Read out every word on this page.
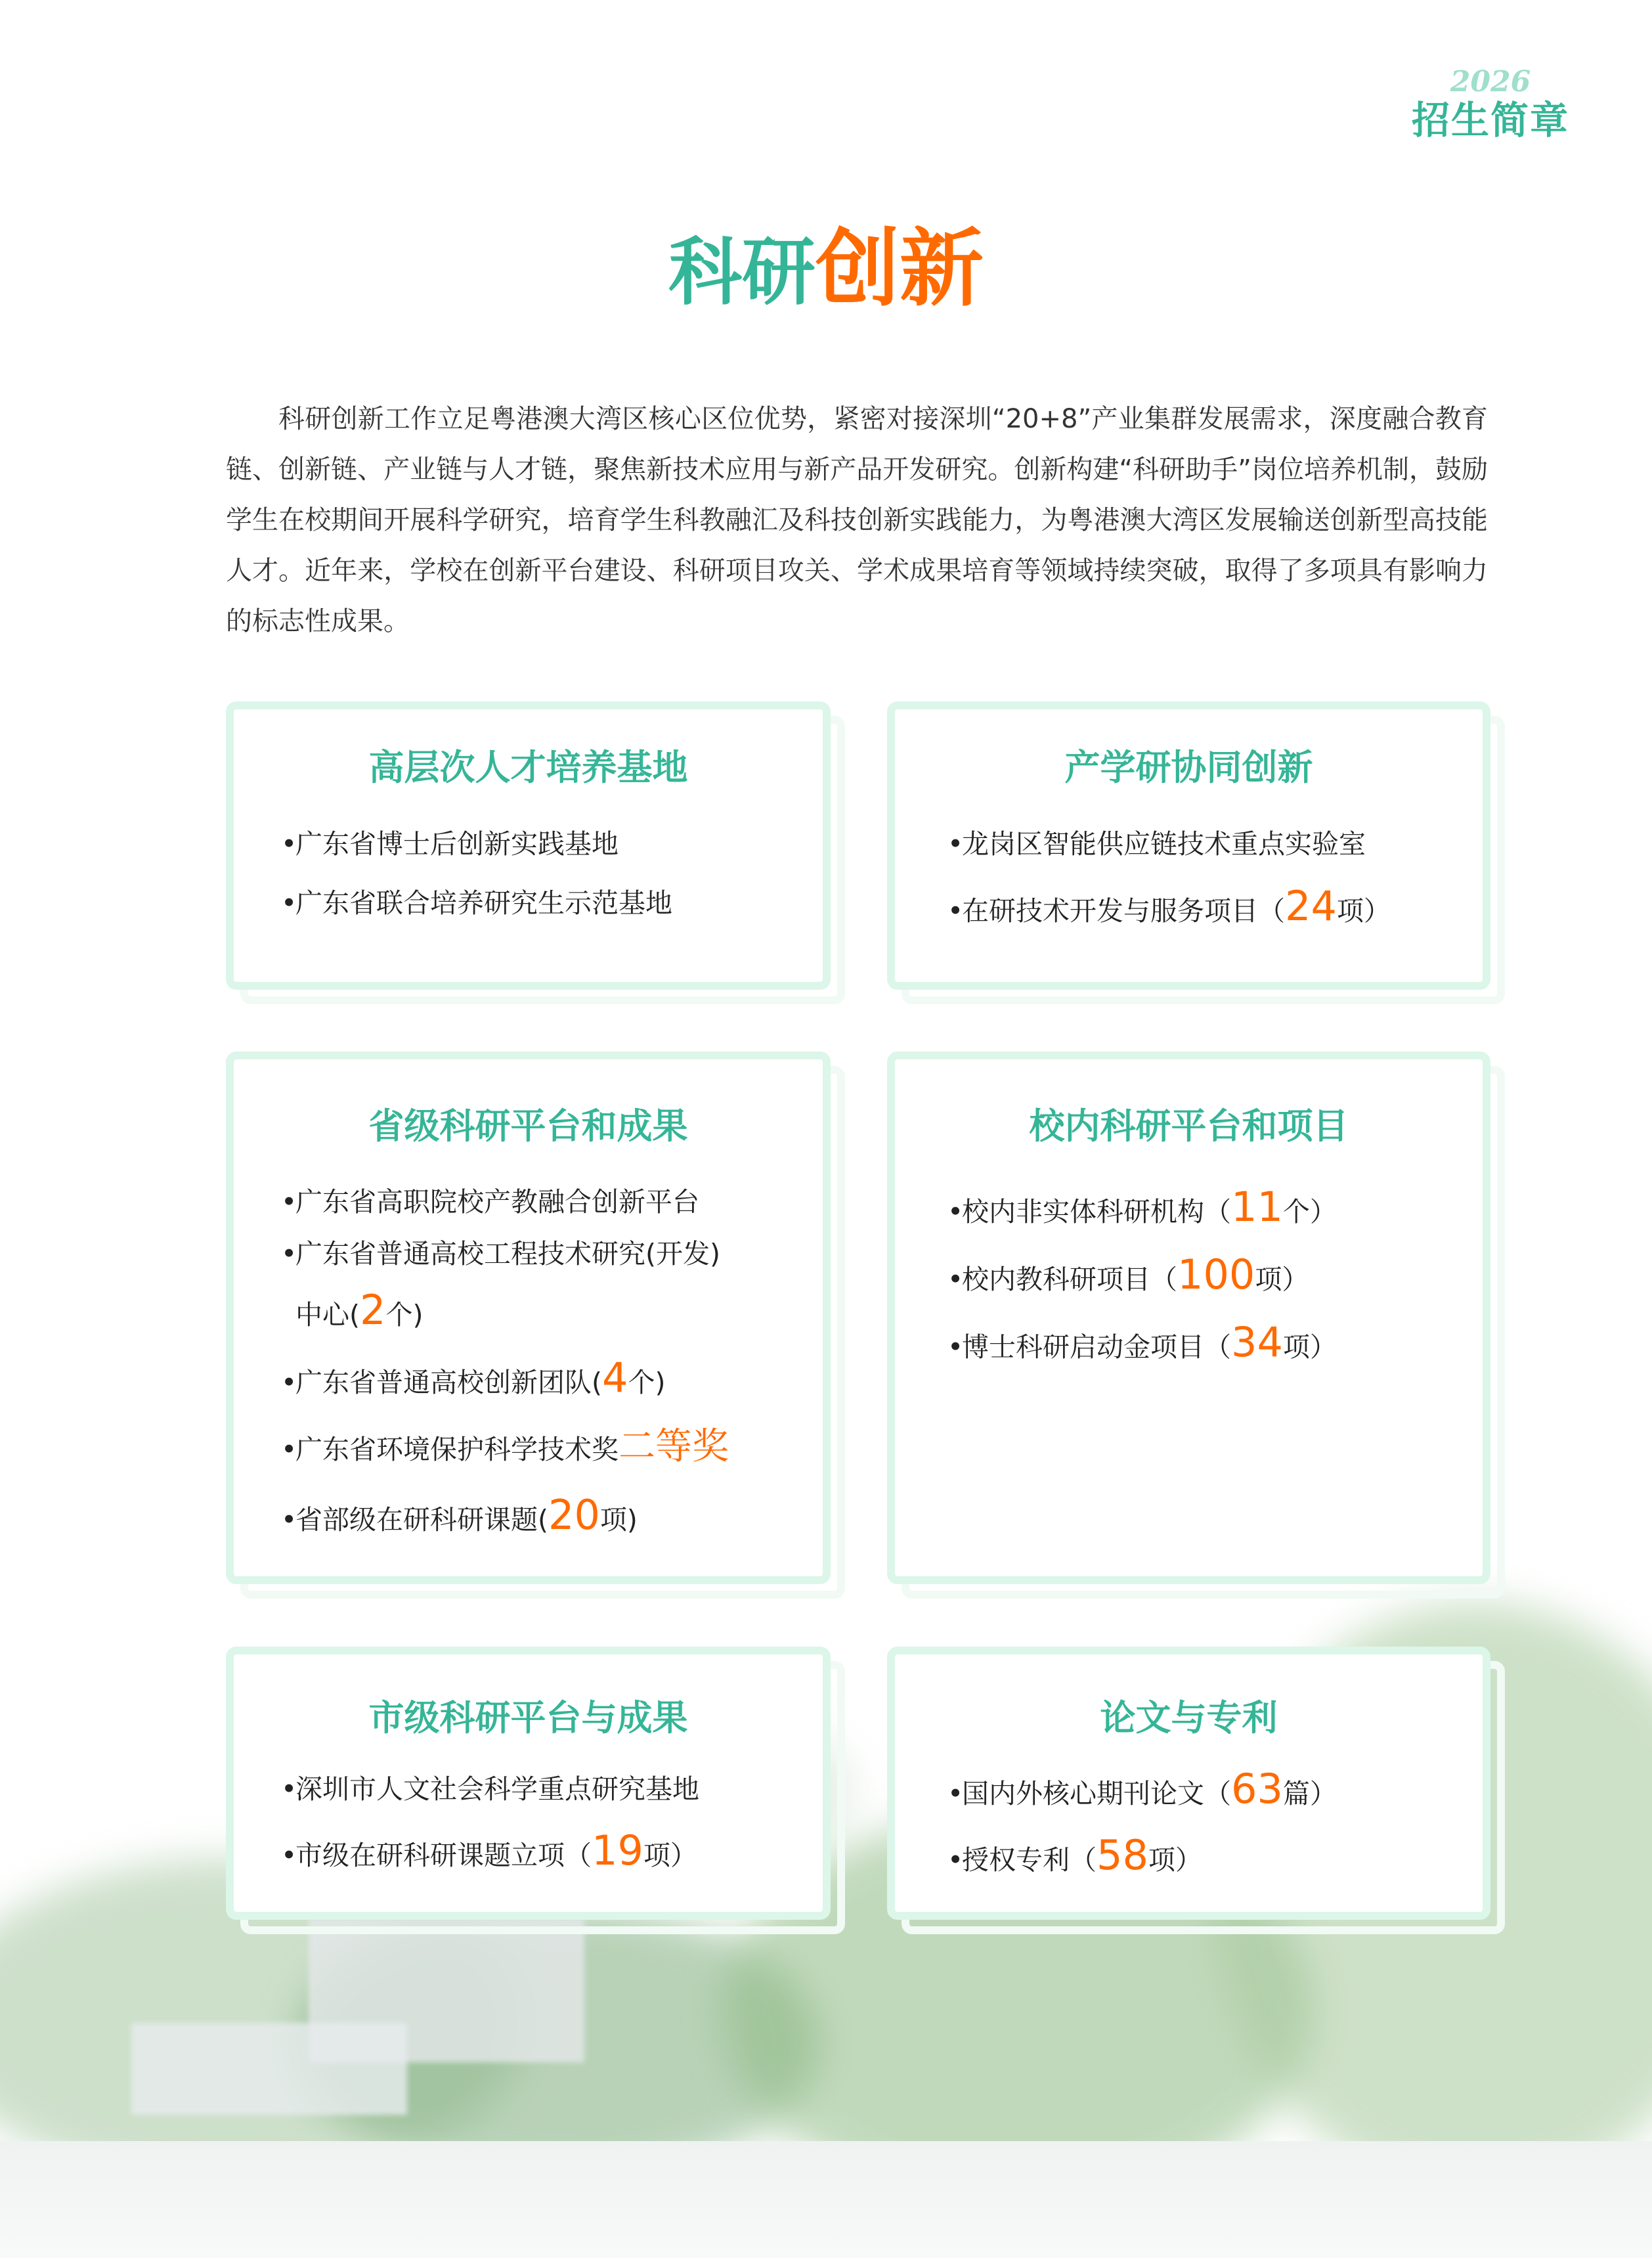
2026
招生简章
科研创新

科研创新工作立足粤港澳大湾区核心区位优势，紧密对接深圳“20+8”产业集群发展需求，深度融合教育链、创新链、产业链与人才链，聚焦新技术应用与新产品开发研究。创新构建“科研助手”岗位培养机制，鼓励学生在校期间开展科学研究，培育学生科教融汇及科技创新实践能力，为粤港澳大湾区发展输送创新型高技能人才。近年来，学校在创新平台建设、科研项目攻关、学术成果培育等领域持续突破，取得了多项具有影响力的标志性成果。

高层次人才培养基地
•广东省博士后创新实践基地
•广东省联合培养研究生示范基地
产学研协同创新
•龙岗区智能供应链技术重点实验室
•在研技术开发与服务项目（24项）
省级科研平台和成果
•广东省高职院校产教融合创新平台
•广东省普通高校工程技术研究(开发)
中心(2个)
•广东省普通高校创新团队(4个)
•广东省环境保护科学技术奖二等奖
•省部级在研科研课题(20项)
校内科研平台和项目
•校内非实体科研机构（11个）
•校内教科研项目（100项）
•博士科研启动金项目（34项）
市级科研平台与成果
•深圳市人文社会科学重点研究基地
•市级在研科研课题立项（19项）
论文与专利
•国内外核心期刊论文（63篇）
•授权专利（58项）
